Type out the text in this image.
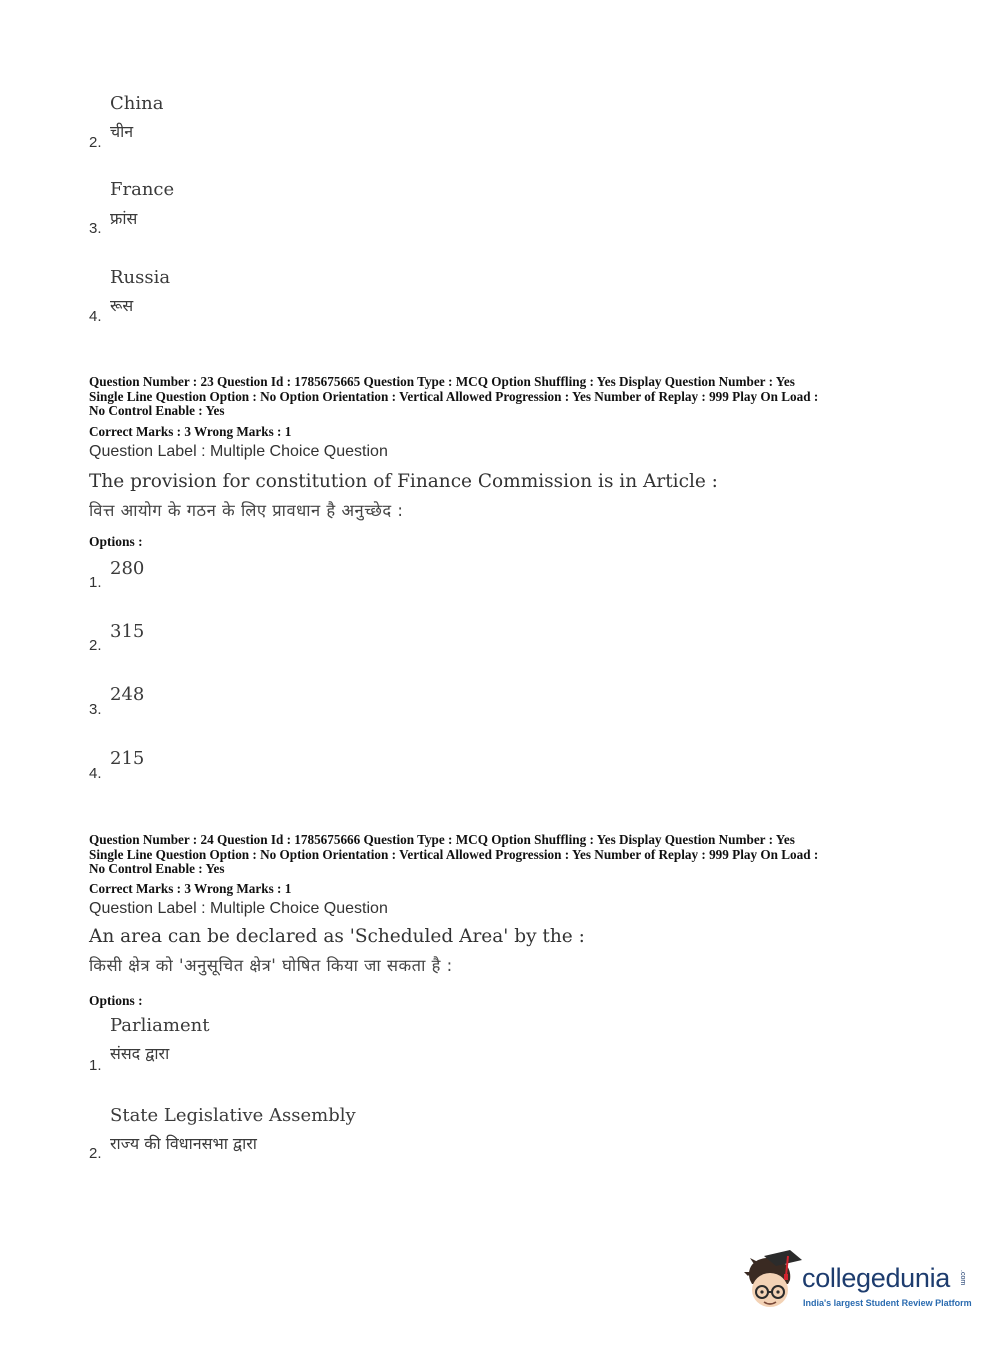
China
चीन
2.
France
फ्रांस
3.
Russia
रूस
4.
Question Number : 23 Question Id : 1785675665 Question Type : MCQ Option Shuffling : Yes Display Question Number : Yes
Single Line Question Option : No Option Orientation : Vertical Allowed Progression : Yes Number of Replay : 999 Play On Load :
No Control Enable : Yes
Correct Marks : 3 Wrong Marks : 1
Question Label : Multiple Choice Question
The provision for constitution of Finance Commission is in Article :
वित्त आयोग के गठन के लिए प्रावधान है अनुच्छेद :
Options :
280
1.
315
2.
248
3.
215
4.
Question Number : 24 Question Id : 1785675666 Question Type : MCQ Option Shuffling : Yes Display Question Number : Yes
Single Line Question Option : No Option Orientation : Vertical Allowed Progression : Yes Number of Replay : 999 Play On Load :
No Control Enable : Yes
Correct Marks : 3 Wrong Marks : 1
Question Label : Multiple Choice Question
An area can be declared as 'Scheduled Area' by the :
किसी क्षेत्र को 'अनुसूचित क्षेत्र' घोषित किया जा सकता है :
Options :
Parliament
संसद द्वारा
1.
State Legislative Assembly
राज्य की विधानसभा द्वारा
2.
collegedunia .com
India's largest Student Review Platform
